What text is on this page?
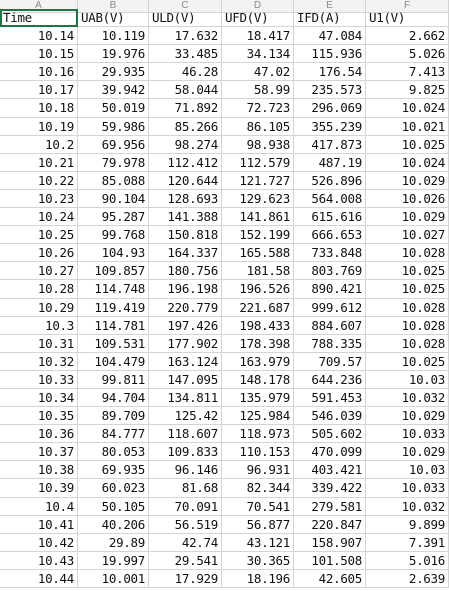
A	B	C	D	E	F
Time	UAB(V)	ULD(V)	UFD(V)	IFD(A)	U1(V)
10.14	10.119	17.632	18.417	47.084	2.662
10.15	19.976	33.485	34.134	115.936	5.026
10.16	29.935	46.28	47.02	176.54	7.413
10.17	39.942	58.044	58.99	235.573	9.825
10.18	50.019	71.892	72.723	296.069	10.024
10.19	59.986	85.266	86.105	355.239	10.021
10.2	69.956	98.274	98.938	417.873	10.025
10.21	79.978	112.412	112.579	487.19	10.024
10.22	85.088	120.644	121.727	526.896	10.029
10.23	90.104	128.693	129.623	564.008	10.026
10.24	95.287	141.388	141.861	615.616	10.029
10.25	99.768	150.818	152.199	666.653	10.027
10.26	104.93	164.337	165.588	733.848	10.028
10.27	109.857	180.756	181.58	803.769	10.025
10.28	114.748	196.198	196.526	890.421	10.025
10.29	119.419	220.779	221.687	999.612	10.028
10.3	114.781	197.426	198.433	884.607	10.028
10.31	109.531	177.902	178.398	788.335	10.028
10.32	104.479	163.124	163.979	709.57	10.025
10.33	99.811	147.095	148.178	644.236	10.03
10.34	94.704	134.811	135.979	591.453	10.032
10.35	89.709	125.42	125.984	546.039	10.029
10.36	84.777	118.607	118.973	505.602	10.033
10.37	80.053	109.833	110.153	470.099	10.029
10.38	69.935	96.146	96.931	403.421	10.03
10.39	60.023	81.68	82.344	339.422	10.033
10.4	50.105	70.091	70.541	279.581	10.032
10.41	40.206	56.519	56.877	220.847	9.899
10.42	29.89	42.74	43.121	158.907	7.391
10.43	19.997	29.541	30.365	101.508	5.016
10.44	10.001	17.929	18.196	42.605	2.639
